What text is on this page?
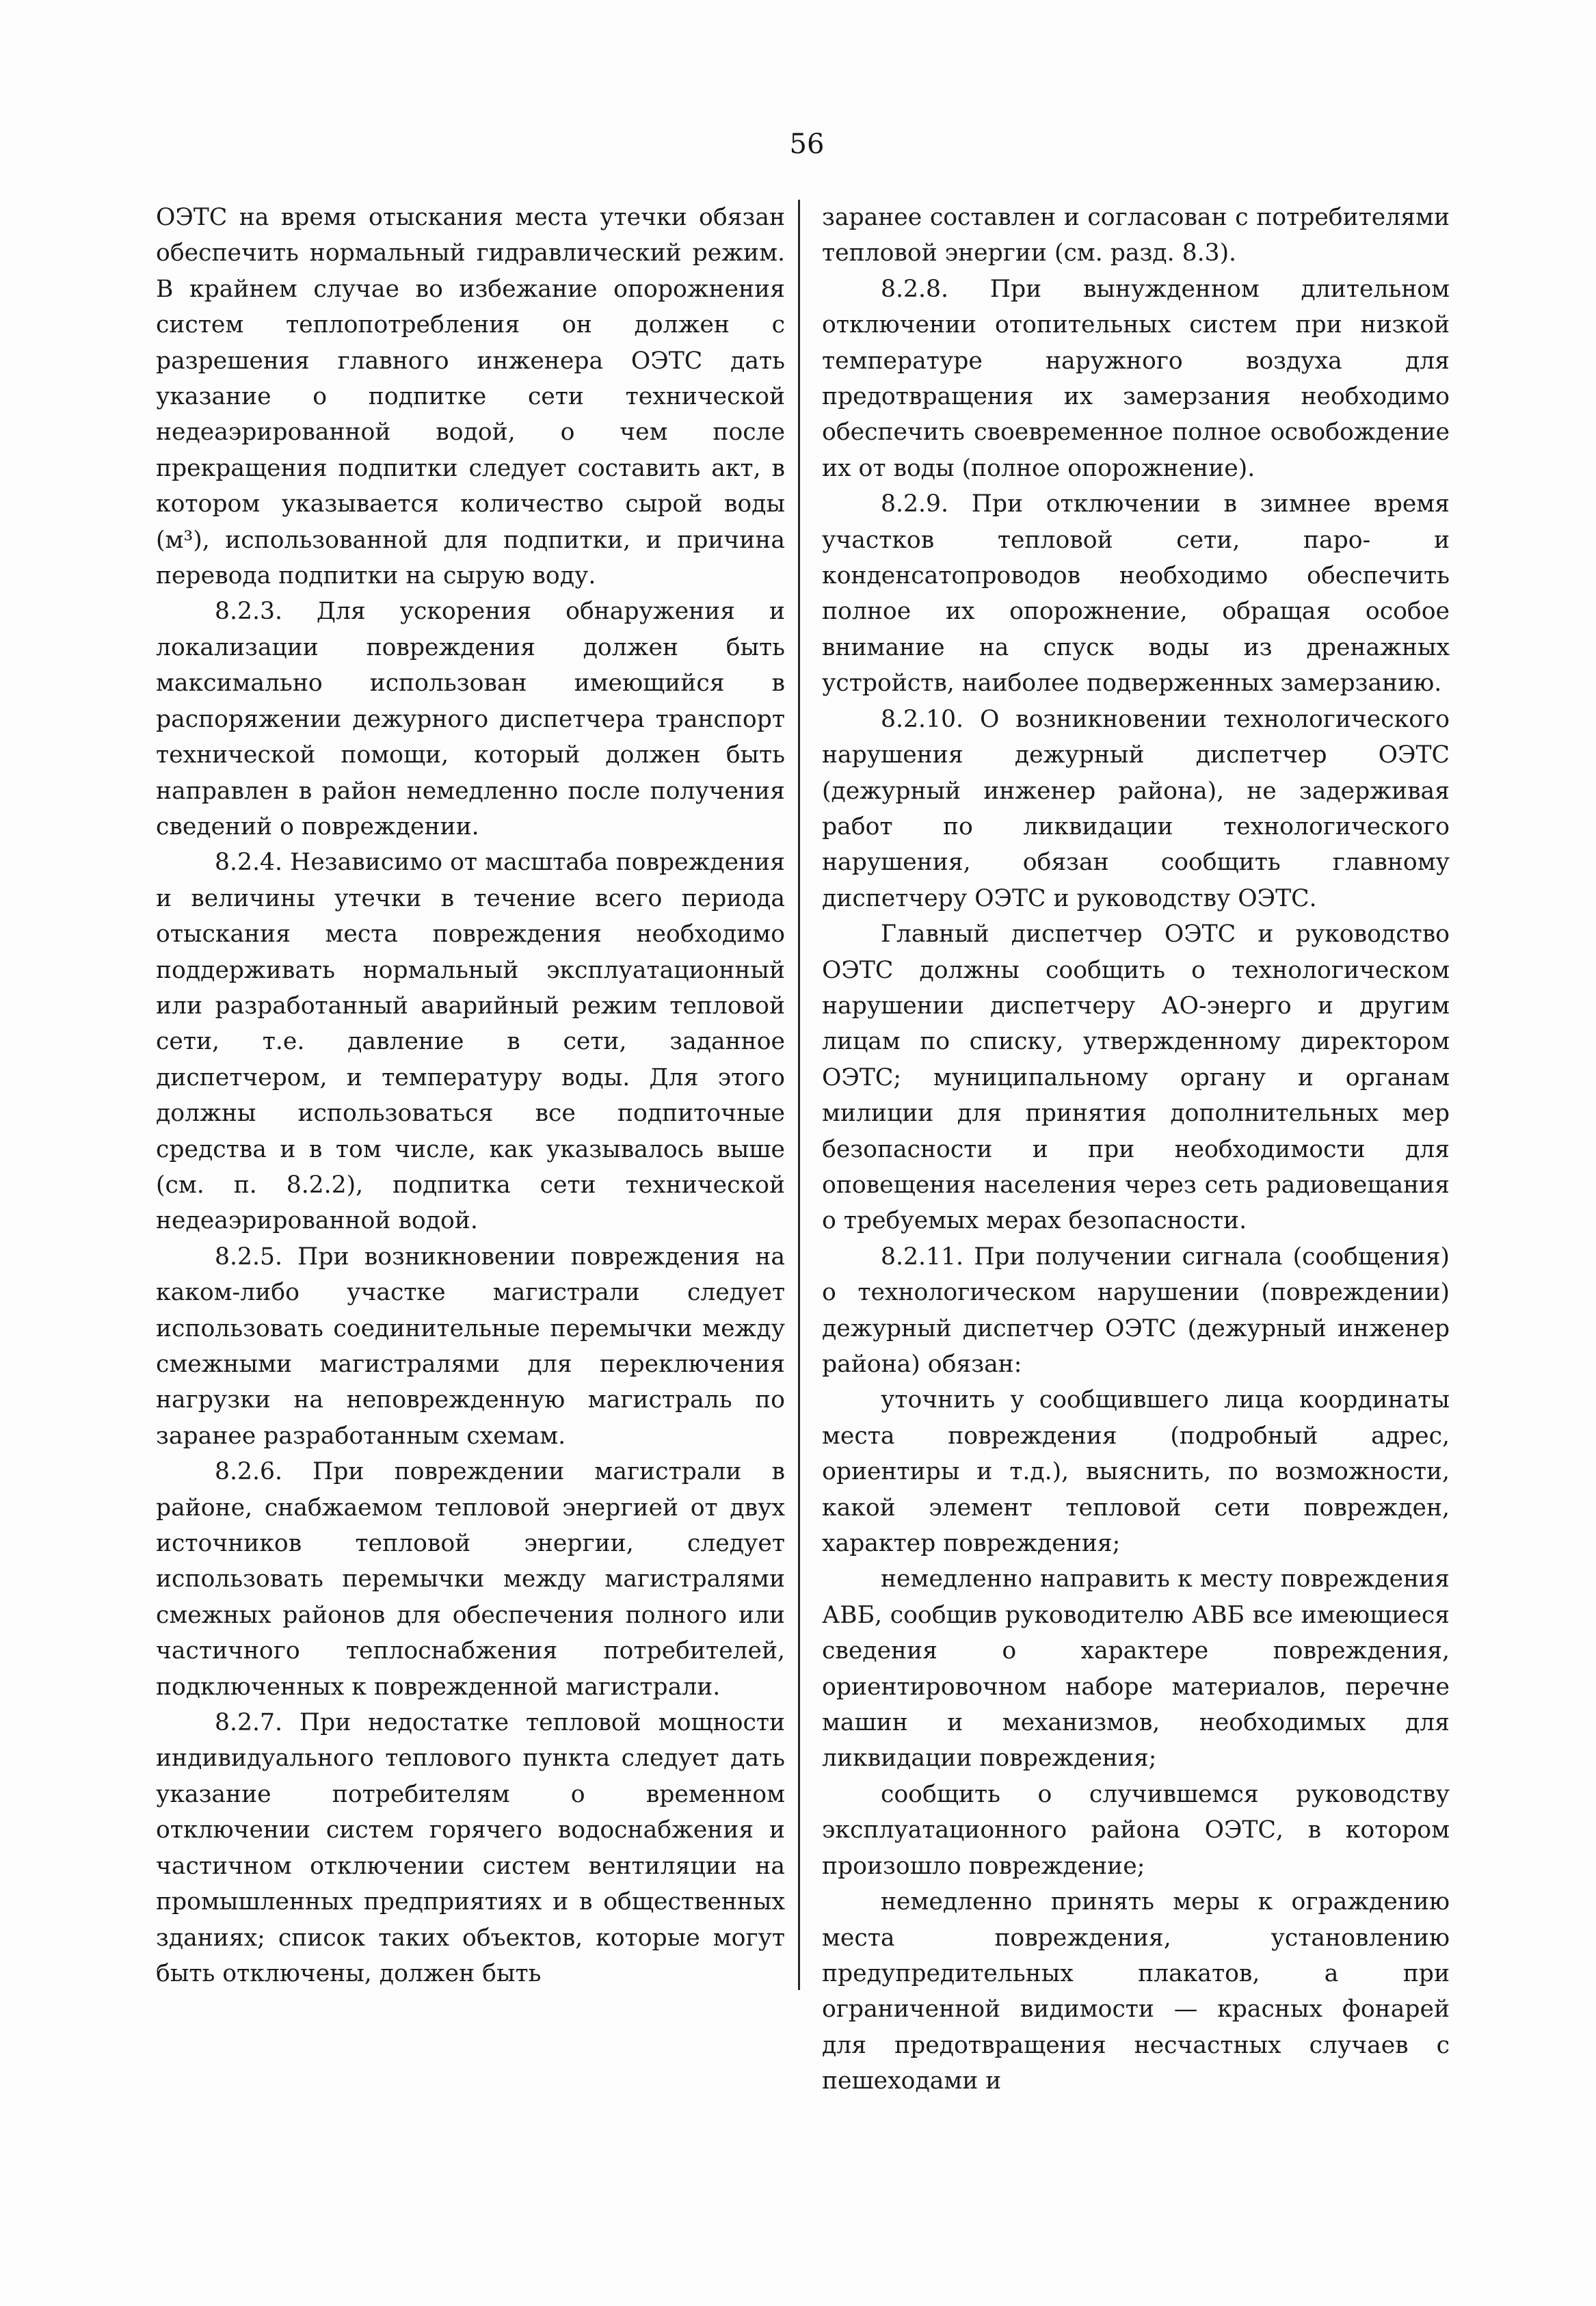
56

ОЭТС на время отыскания места утечки обязан обеспечить нормальный гидравлический режим. В крайнем случае во избежание опорожнения систем теплопотребления он должен с разрешения главного инженера ОЭТС дать указание о подпитке сети технической недеаэрированной водой, о чем после прекращения подпитки следует составить акт, в котором указывается количество сырой воды (м³), использованной для подпитки, и причина перевода подпитки на сырую воду.

8.2.3. Для ускорения обнаружения и локализации повреждения должен быть максимально использован имеющийся в распоряжении дежурного диспетчера транспорт технической помощи, который должен быть направлен в район немедленно после получения сведений о повреждении.

8.2.4. Независимо от масштаба повреждения и величины утечки в течение всего периода отыскания места повреждения необходимо поддерживать нормальный эксплуатационный или разработанный аварийный режим тепловой сети, т.е. давление в сети, заданное диспетчером, и температуру воды. Для этого должны использоваться все подпиточные средства и в том числе, как указывалось выше (см. п. 8.2.2), подпитка сети технической недеаэрированной водой.

8.2.5. При возникновении повреждения на каком-либо участке магистрали следует использовать соединительные перемычки между смежными магистралями для переключения нагрузки на неповрежденную магистраль по заранее разработанным схемам.

8.2.6. При повреждении магистрали в районе, снабжаемом тепловой энергией от двух источников тепловой энергии, следует использовать перемычки между магистралями смежных районов для обеспечения полного или частичного теплоснабжения потребителей, подключенных к поврежденной магистрали.

8.2.7. При недостатке тепловой мощности индивидуального теплового пункта следует дать указание потребителям о временном отключении систем горячего водоснабжения и частичном отключении систем вентиляции на промышленных предприятиях и в общественных зданиях; список таких объектов, которые могут быть отключены, должен быть

заранее составлен и согласован с потребителями тепловой энергии (см. разд. 8.3).

8.2.8. При вынужденном длительном отключении отопительных систем при низкой температуре наружного воздуха для предотвращения их замерзания необходимо обеспечить своевременное полное освобождение их от воды (полное опорожнение).

8.2.9. При отключении в зимнее время участков тепловой сети, паро- и конденсатопроводов необходимо обеспечить полное их опорожнение, обращая особое внимание на спуск воды из дренажных устройств, наиболее подверженных замерзанию.

8.2.10. О возникновении технологического нарушения дежурный диспетчер ОЭТС (дежурный инженер района), не задерживая работ по ликвидации технологического нарушения, обязан сообщить главному диспетчеру ОЭТС и руководству ОЭТС.

Главный диспетчер ОЭТС и руководство ОЭТС должны сообщить о технологическом нарушении диспетчеру АО-энерго и другим лицам по списку, утвержденному директором ОЭТС; муниципальному органу и органам милиции для принятия дополнительных мер безопасности и при необходимости для оповещения населения через сеть радиовещания о требуемых мерах безопасности.

8.2.11. При получении сигнала (сообщения) о технологическом нарушении (повреждении) дежурный диспетчер ОЭТС (дежурный инженер района) обязан:

уточнить у сообщившего лица координаты места повреждения (подробный адрес, ориентиры и т.д.), выяснить, по возможности, какой элемент тепловой сети поврежден, характер повреждения;

немедленно направить к месту повреждения АВБ, сообщив руководителю АВБ все имеющиеся сведения о характере повреждения, ориентировочном наборе материалов, перечне машин и механизмов, необходимых для ликвидации повреждения;

сообщить о случившемся руководству эксплуатационного района ОЭТС, в котором произошло повреждение;

немедленно принять меры к ограждению места повреждения, установлению предупредительных плакатов, а при ограниченной видимости — красных фонарей для предотвращения несчастных случаев с пешеходами и
